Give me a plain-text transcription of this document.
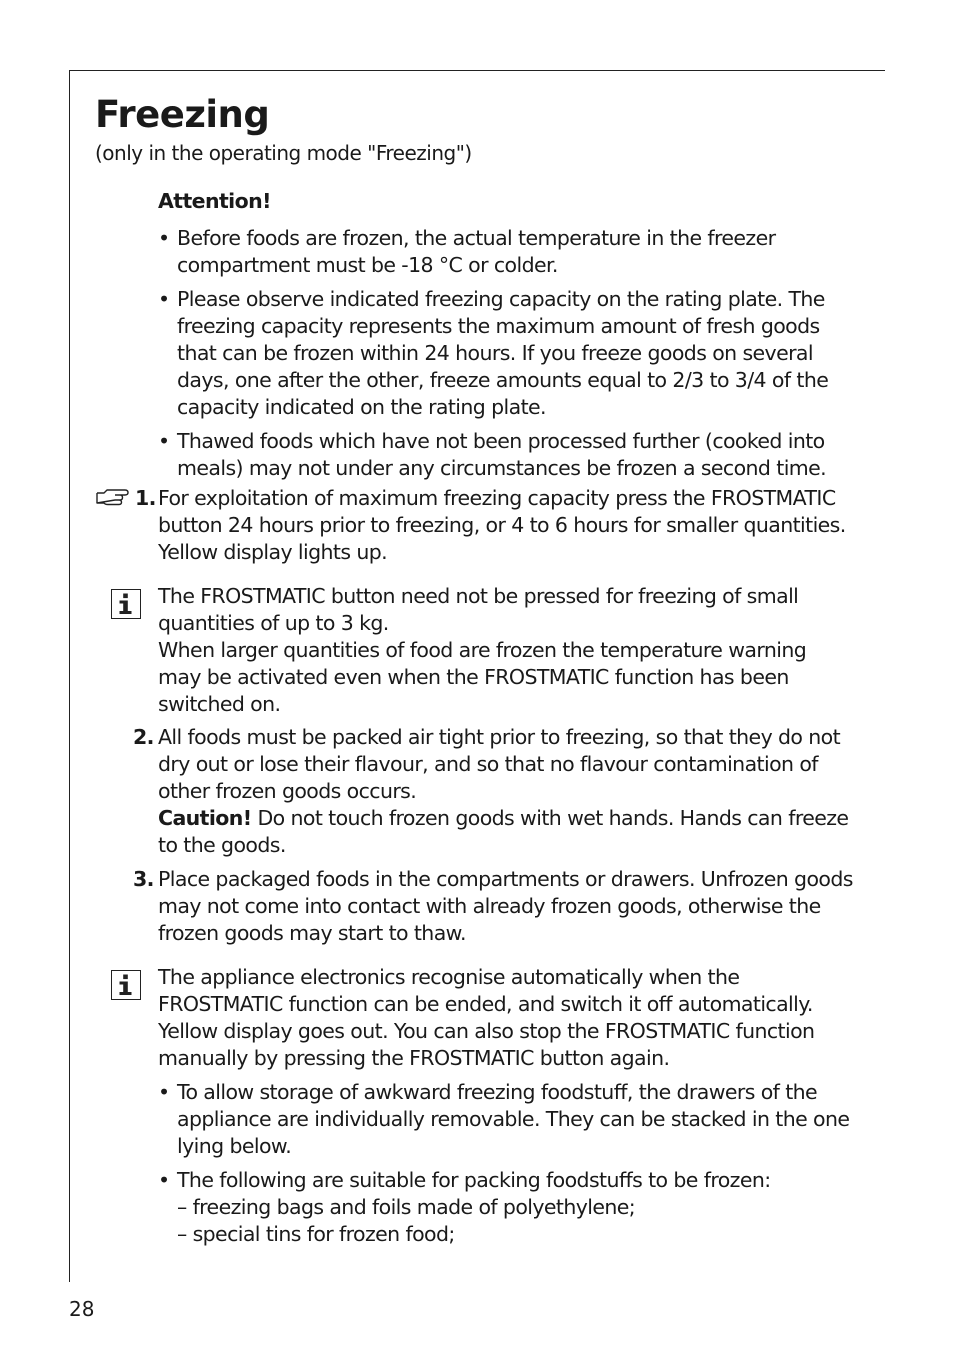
Freezing
(only in the operating mode "Freezing")
Attention!
• Before foods are frozen, the actual temperature in the freezer
compartment must be -18 °C or colder.
• Please observe indicated freezing capacity on the rating plate. The
freezing capacity represents the maximum amount of fresh goods
that can be frozen within 24 hours. If you freeze goods on several
days, one after the other, freeze amounts equal to 2/3 to 3/4 of the
capacity indicated on the rating plate.
• Thawed foods which have not been processed further (cooked into
meals) may not under any circumstances be frozen a second time.
1. For exploitation of maximum freezing capacity press the FROSTMATIC
button 24 hours prior to freezing, or 4 to 6 hours for smaller quantities.
Yellow display lights up.
The FROSTMATIC button need not be pressed for freezing of small
quantities of up to 3 kg.
When larger quantities of food are frozen the temperature warning
may be activated even when the FROSTMATIC function has been
switched on.
2. All foods must be packed air tight prior to freezing, so that they do not
dry out or lose their flavour, and so that no flavour contamination of
other frozen goods occurs.
Caution! Do not touch frozen goods with wet hands. Hands can freeze
to the goods.
3. Place packaged foods in the compartments or drawers. Unfrozen goods
may not come into contact with already frozen goods, otherwise the
frozen goods may start to thaw.
The appliance electronics recognise automatically when the
FROSTMATIC function can be ended, and switch it off automatically.
Yellow display goes out. You can also stop the FROSTMATIC function
manually by pressing the FROSTMATIC button again.
• To allow storage of awkward freezing foodstuff, the drawers of the
appliance are individually removable. They can be stacked in the one
lying below.
• The following are suitable for packing foodstuffs to be frozen:
– freezing bags and foils made of polyethylene;
– special tins for frozen food;
28
